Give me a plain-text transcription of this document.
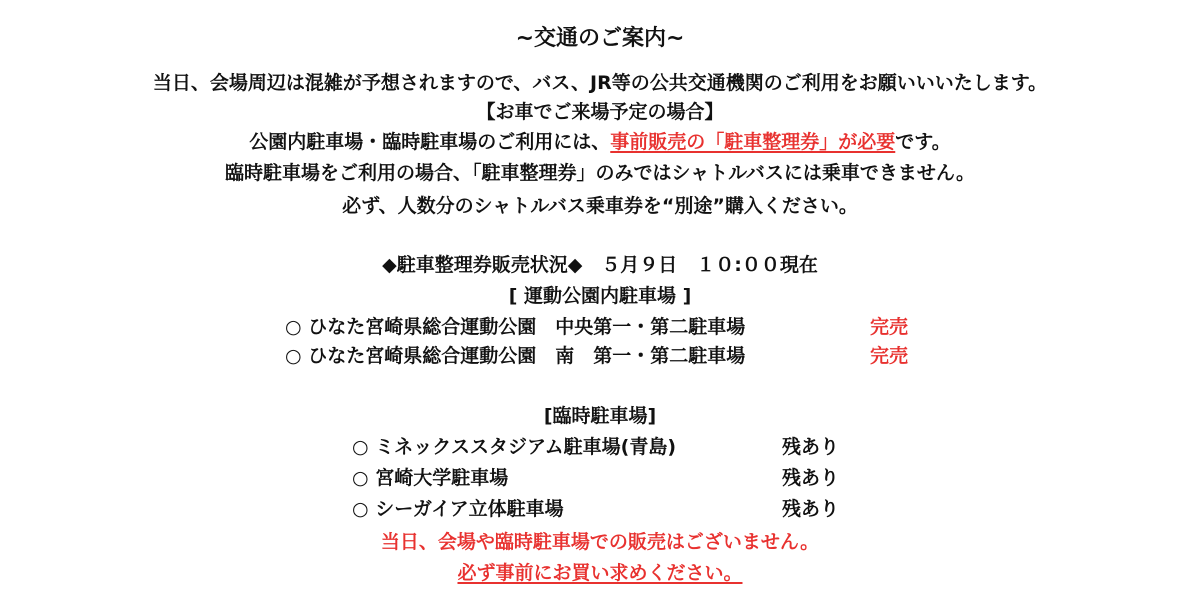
~交通のご案内~
当日、会場周辺は混雑が予想されますので、バス、JR等の公共交通機関のご利用をお願いいいたします。
【お車でご来場予定の場合】
公園内駐車場・臨時駐車場のご利用には、事前販売の「駐車整理券」が必要です。
臨時駐車場をご利用の場合、「駐車整理券」のみではシャトルバスには乗車できません。
必ず、人数分のシャトルバス乗車券を“別途”購入ください。
◆駐車整理券販売状況◆　５月９日　１０:００現在
[ 運動公園内駐車場 ]
○ ひなた宮崎県総合運動公園　中央第一・第二駐車場	完売
○ ひなた宮崎県総合運動公園　南　第一・第二駐車場	完売
[臨時駐車場]
○ ミネックススタジアム駐車場(青島)	残あり
○ 宮崎大学駐車場	残あり
○ シーガイア立体駐車場	残あり
当日、会場や臨時駐車場での販売はございません。
必ず事前にお買い求めください。
